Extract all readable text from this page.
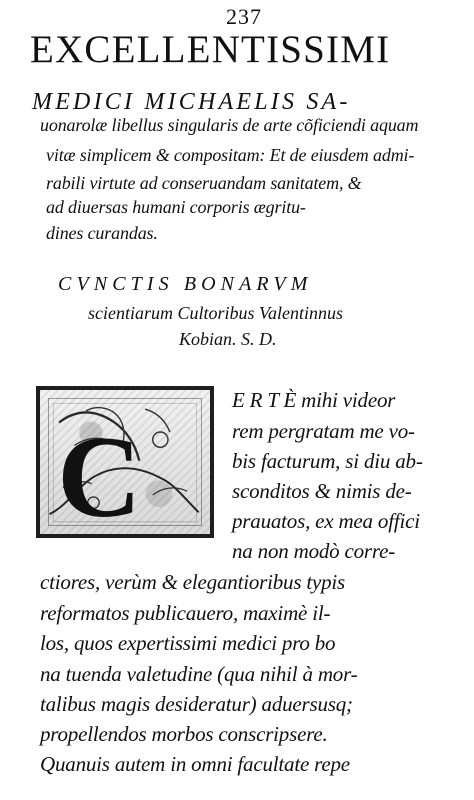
237
EXCELLENTISSIMI
MEDICI MICHAELIS SA-
uonarolæ libellus singularis de arte cõficiendi aquam
vitæ simplicem & compositam: Et de eiusdem admi-
rabili virtute ad conseruandam sanitatem, &
ad diuersas humani corporis ægritu-
dines curandas.
CVNCTIS BONARVM
scientiarum Cultoribus Valentinnus
Kobian. S. D.
C
E R T È mihi videor
rem pergratam me vo-
bis facturum, si diu ab-
sconditos & nimis de-
prauatos, ex mea offici
na non modò corre-
ctiores, verùm & elegantioribus typis
reformatos publicauero, maximè il-
los, quos expertissimi medici pro bo
na tuenda valetudine (qua nihil à mor-
talibus magis desideratur) aduersusq;
propellendos morbos conscripsere.
Quanuis autem in omni facultate repe
